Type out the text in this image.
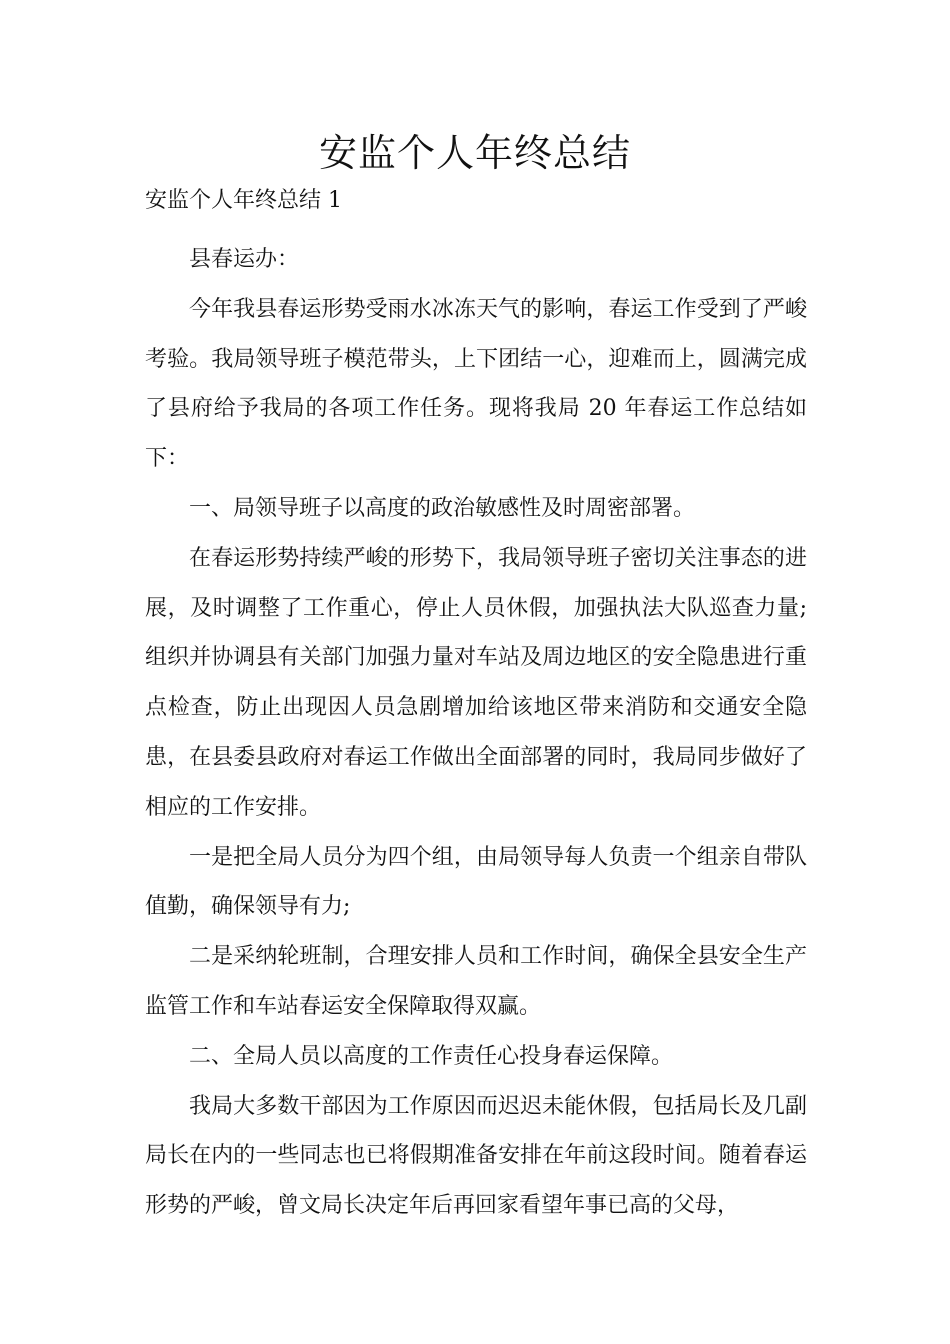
安监个人年终总结

安监个人年终总结 1

县春运办：

今年我县春运形势受雨水冰冻天气的影响，春运工作受到了严峻考验。我局领导班子模范带头，上下团结一心，迎难而上，圆满完成了县府给予我局的各项工作任务。现将我局 20 年春运工作总结如下：

一、局领导班子以高度的政治敏感性及时周密部署。

在春运形势持续严峻的形势下，我局领导班子密切关注事态的进展，及时调整了工作重心，停止人员休假，加强执法大队巡查力量;组织并协调县有关部门加强力量对车站及周边地区的安全隐患进行重点检查，防止出现因人员急剧增加给该地区带来消防和交通安全隐患，在县委县政府对春运工作做出全面部署的同时，我局同步做好了相应的工作安排。

一是把全局人员分为四个组，由局领导每人负责一个组亲自带队值勤，确保领导有力;

二是采纳轮班制，合理安排人员和工作时间，确保全县安全生产监管工作和车站春运安全保障取得双赢。

二、全局人员以高度的工作责任心投身春运保障。

我局大多数干部因为工作原因而迟迟未能休假，包括局长及几副局长在内的一些同志也已将假期准备安排在年前这段时间。随着春运形势的严峻，曾文局长决定年后再回家看望年事已高的父母，
